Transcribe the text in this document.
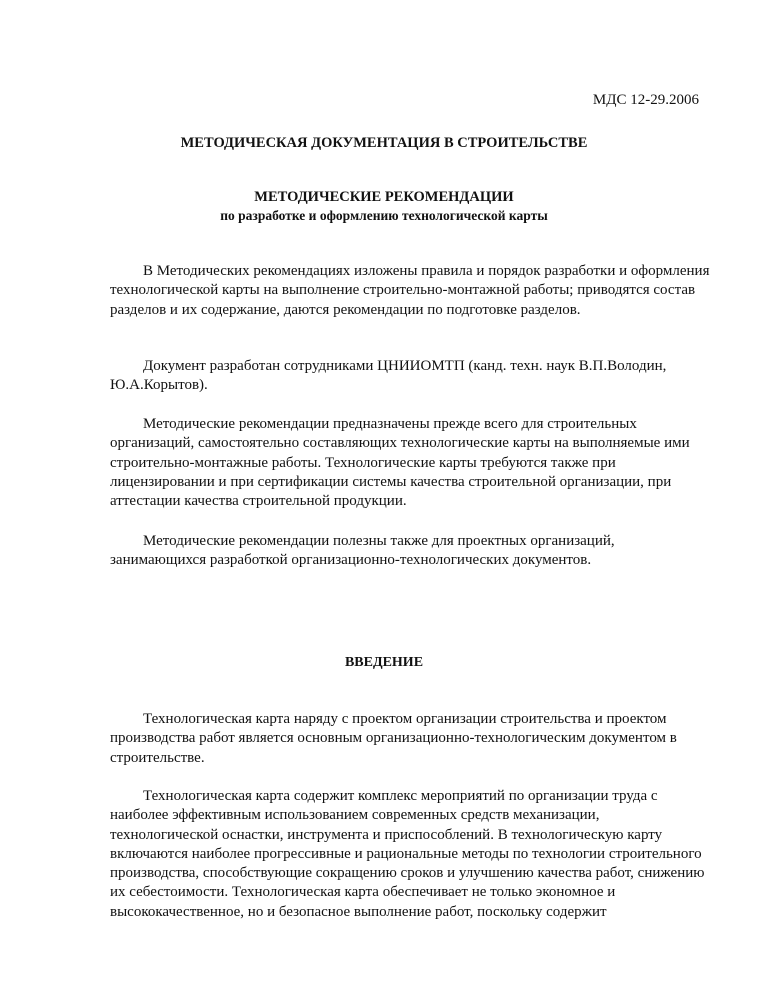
МДС 12-29.2006
МЕТОДИЧЕСКАЯ ДОКУМЕНТАЦИЯ В СТРОИТЕЛЬСТВЕ
МЕТОДИЧЕСКИЕ РЕКОМЕНДАЦИИ
по разработке и оформлению технологической карты

В Методических рекомендациях изложены правила и порядок разработки и оформления технологической карты на выполнение строительно-монтажной работы; приводятся состав разделов и их содержание, даются рекомендации по подготовке разделов.

Документ разработан сотрудниками ЦНИИОМТП (канд. техн. наук В.П.Володин, Ю.А.Корытов).

Методические рекомендации предназначены прежде всего для строительных организаций, самостоятельно составляющих технологические карты на выполняемые ими строительно-монтажные работы. Технологические карты требуются также при лицензировании и при сертификации системы качества строительной организации, при аттестации качества строительной продукции.

Методические рекомендации полезны также для проектных организаций, занимающихся разработкой организационно-технологических документов.

ВВЕДЕНИЕ

Технологическая карта наряду с проектом организации строительства и проектом производства работ является основным организационно-технологическим документом в строительстве.

Технологическая карта содержит комплекс мероприятий по организации труда с наиболее эффективным использованием современных средств механизации, технологической оснастки, инструмента и приспособлений. В технологическую карту включаются наиболее прогрессивные и рациональные методы по технологии строительного производства, способствующие сокращению сроков и улучшению качества работ, снижению их себестоимости. Технологическая карта обеспечивает не только экономное и высококачественное, но и безопасное выполнение работ, поскольку содержит
